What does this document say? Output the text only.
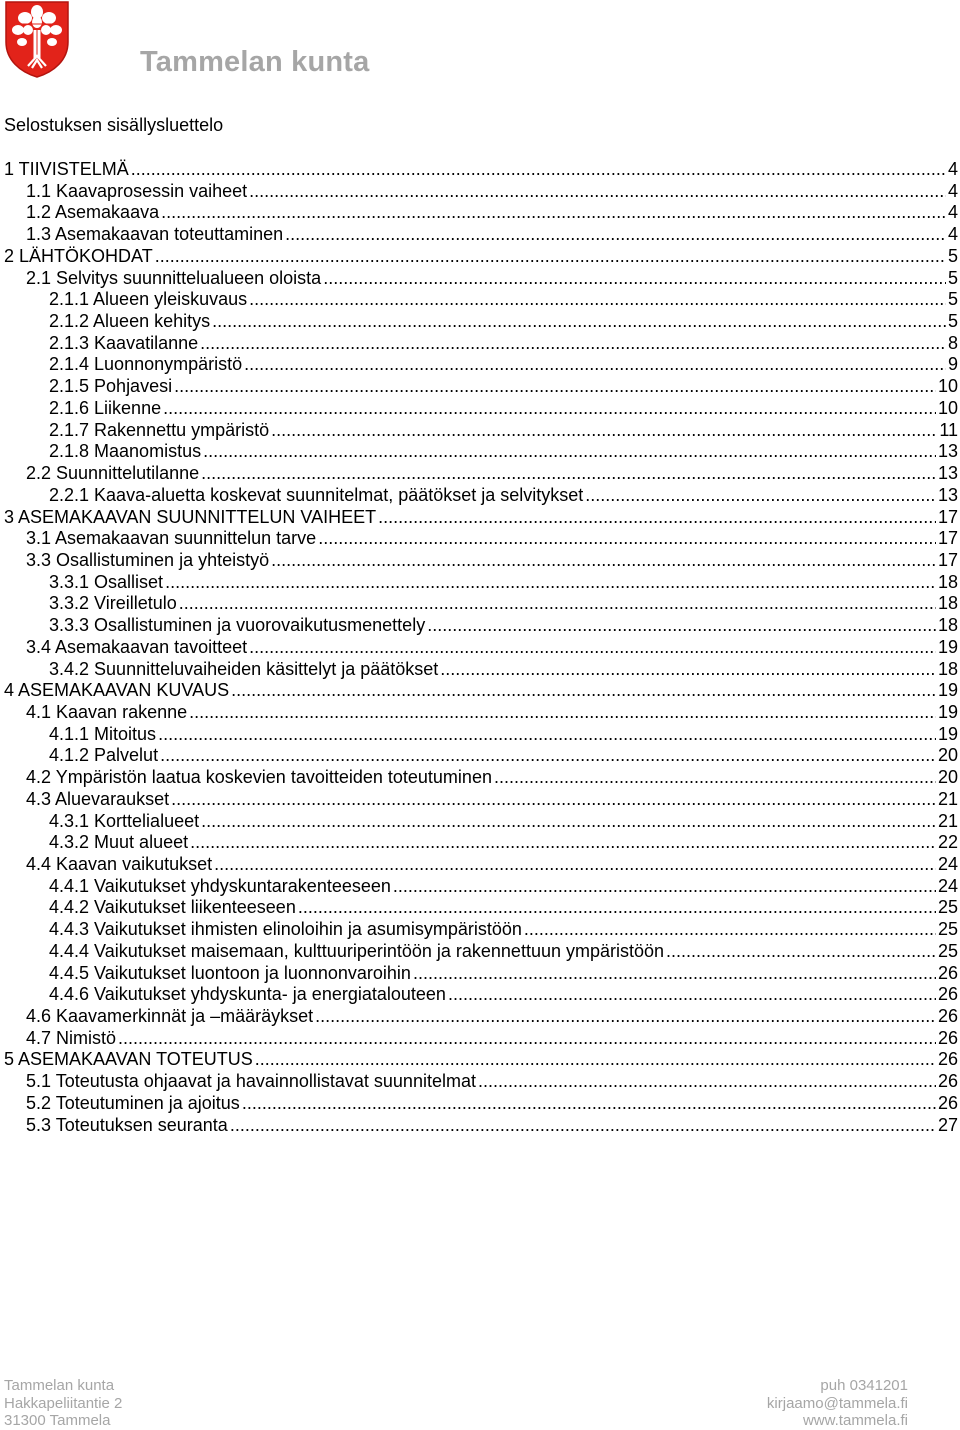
Tammelan kunta
Selostuksen sisällysluettelo
1 TIIVISTELMÄ .....	4
1.1 Kaavaprosessin vaiheet .....	4
1.2 Asemakaava .....	4
1.3 Asemakaavan toteuttaminen .....	4
2 LÄHTÖKOHDAT .....	5
2.1 Selvitys suunnittelualueen oloista .....	5
2.1.1 Alueen yleiskuvaus .....	5
2.1.2 Alueen kehitys .....	5
2.1.3 Kaavatilanne .....	8
2.1.4 Luonnonympäristö .....	9
2.1.5 Pohjavesi .....	10
2.1.6 Liikenne .....	10
2.1.7 Rakennettu ympäristö .....	11
2.1.8 Maanomistus .....	13
2.2 Suunnittelutilanne .....	13
2.2.1 Kaava-aluetta koskevat suunnitelmat, päätökset ja selvitykset .....	13
3 ASEMAKAAVAN SUUNNITTELUN VAIHEET .....	17
3.1 Asemakaavan suunnittelun tarve .....	17
3.3 Osallistuminen ja yhteistyö .....	17
3.3.1 Osalliset .....	18
3.3.2 Vireilletulo .....	18
3.3.3 Osallistuminen ja vuorovaikutusmenettely .....	18
3.4 Asemakaavan tavoitteet .....	19
3.4.2 Suunnitteluvaiheiden käsittelyt ja päätökset .....	18
4 ASEMAKAAVAN KUVAUS .....	19
4.1 Kaavan rakenne .....	19
4.1.1 Mitoitus .....	19
4.1.2 Palvelut .....	20
4.2 Ympäristön laatua koskevien tavoitteiden toteutuminen .....	20
4.3 Aluevaraukset .....	21
4.3.1 Korttelialueet .....	21
4.3.2 Muut alueet .....	22
4.4 Kaavan vaikutukset .....	24
4.4.1 Vaikutukset yhdyskuntarakenteeseen .....	24
4.4.2 Vaikutukset liikenteeseen .....	25
4.4.3 Vaikutukset ihmisten elinoloihin ja asumisympäristöön .....	25
4.4.4 Vaikutukset maisemaan, kulttuuriperintöön ja rakennettuun ympäristöön .....	25
4.4.5 Vaikutukset luontoon ja luonnonvaroihin .....	26
4.4.6 Vaikutukset yhdyskunta- ja energiatalouteen .....	26
4.6 Kaavamerkinnät ja –määräykset .....	26
4.7 Nimistö .....	26
5 ASEMAKAAVAN TOTEUTUS .....	26
5.1 Toteutusta ohjaavat ja havainnollistavat suunnitelmat .....	26
5.2 Toteutuminen ja ajoitus .....	26
5.3 Toteutuksen seuranta .....	27
Tammelan kunta
Hakkapeliitantie 2
31300 Tammela
puh 0341201
kirjaamo@tammela.fi
www.tammela.fi
